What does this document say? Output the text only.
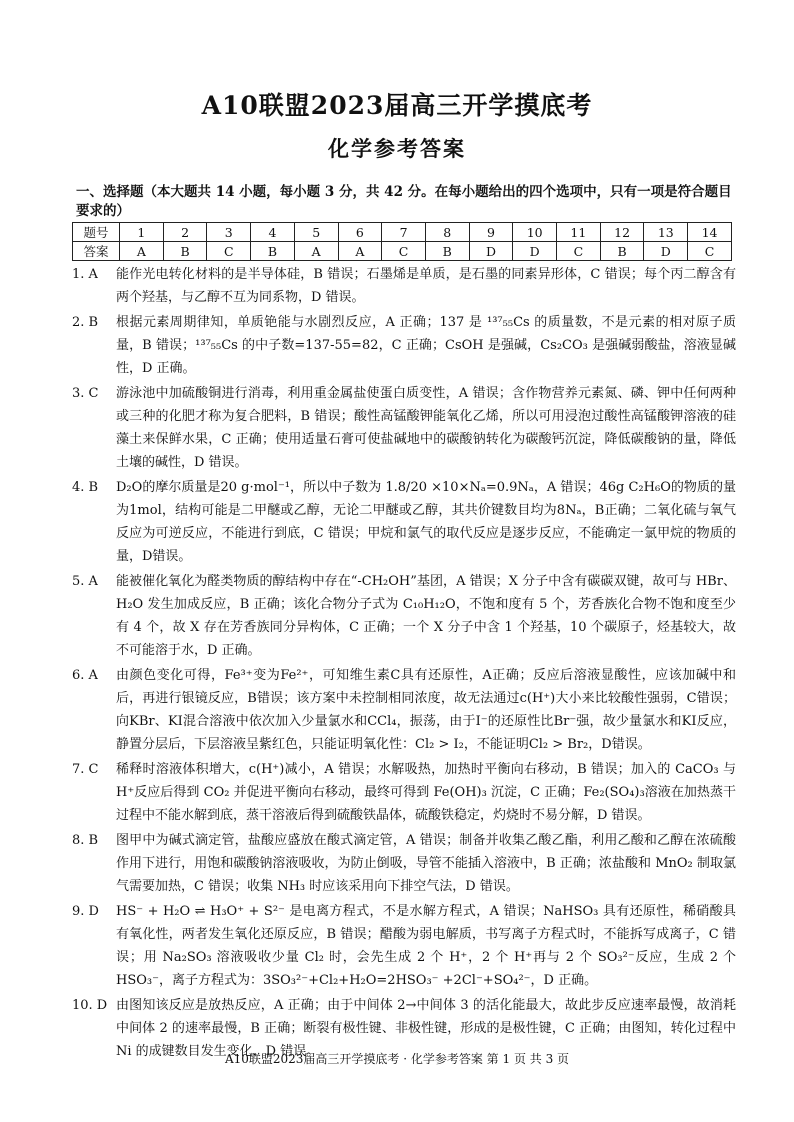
A10联盟2023届高三开学摸底考
化学参考答案
一、选择题（本大题共 14 小题，每小题 3 分，共 42 分。在每小题给出的四个选项中，只有一项是符合题目要求的）
题号	1	2	3	4	5	6	7	8	9	10	11	12	13	14
答案	A	B	C	B	A	A	C	B	D	D	C	B	D	C
1. A	能作光电转化材料的是半导体硅，B 错误；石墨烯是单质，是石墨的同素异形体，C 错误；每个丙二醇含有两个羟基，与乙醇不互为同系物，D 错误。
2. B	根据元素周期律知，单质铯能与水剧烈反应，A 正确；137 是 ¹³⁷₅₅Cs 的质量数，不是元素的相对原子质量，B 错误；¹³⁷₅₅Cs 的中子数=137-55=82，C 正确；CsOH 是强碱，Cs₂CO₃ 是强碱弱酸盐，溶液显碱性，D 正确。
3. C	游泳池中加硫酸铜进行消毒，利用重金属盐使蛋白质变性，A 错误；含作物营养元素氮、磷、钾中任何两种或三种的化肥才称为复合肥料，B 错误；酸性高锰酸钾能氧化乙烯，所以可用浸泡过酸性高锰酸钾溶液的硅藻土来保鲜水果，C 正确；使用适量石膏可使盐碱地中的碳酸钠转化为碳酸钙沉淀，降低碳酸钠的量，降低土壤的碱性，D 错误。
4. B	D₂O的摩尔质量是20 g·mol⁻¹，所以中子数为 1.8/20 ×10×Nₐ=0.9Nₐ，A 错误；46g C₂H₆O的物质的量为1mol，结构可能是二甲醚或乙醇，无论二甲醚或乙醇，其共价键数目均为8Nₐ，B正确；二氧化硫与氧气反应为可逆反应，不能进行到底，C 错误；甲烷和氯气的取代反应是逐步反应，不能确定一氯甲烷的物质的量，D错误。
5. A	能被催化氧化为醛类物质的醇结构中存在“-CH₂OH”基团，A 错误；X 分子中含有碳碳双键，故可与 HBr、H₂O 发生加成反应，B 正确；该化合物分子式为 C₁₀H₁₂O，不饱和度有 5 个，芳香族化合物不饱和度至少有 4 个，故 X 存在芳香族同分异构体，C 正确；一个 X 分子中含 1 个羟基，10 个碳原子，烃基较大，故不可能溶于水，D 正确。
6. A	由颜色变化可得，Fe³⁺变为Fe²⁺，可知维生素C具有还原性，A正确；反应后溶液显酸性，应该加碱中和后，再进行银镜反应，B错误；该方案中未控制相同浓度，故无法通过c(H⁺)大小来比较酸性强弱，C错误；向KBr、KI混合溶液中依次加入少量氯水和CCl₄，振荡，由于I⁻的还原性比Br⁻强，故少量氯水和KI反应，静置分层后，下层溶液呈紫红色，只能证明氧化性：Cl₂ > I₂，不能证明Cl₂ > Br₂，D错误。
7. C	稀释时溶液体积增大，c(H⁺)减小，A 错误；水解吸热，加热时平衡向右移动，B 错误；加入的 CaCO₃ 与 H⁺反应后得到 CO₂ 并促进平衡向右移动，最终可得到 Fe(OH)₃ 沉淀，C 正确；Fe₂(SO₄)₃溶液在加热蒸干过程中不能水解到底，蒸干溶液后得到硫酸铁晶体，硫酸铁稳定，灼烧时不易分解，D 错误。
8. B	图甲中为碱式滴定管，盐酸应盛放在酸式滴定管，A 错误；制备并收集乙酸乙酯，利用乙酸和乙醇在浓硫酸作用下进行，用饱和碳酸钠溶液吸收，为防止倒吸，导管不能插入溶液中，B 正确；浓盐酸和 MnO₂ 制取氯气需要加热，C 错误；收集 NH₃ 时应该采用向下排空气法，D 错误。
9. D	HS⁻ + H₂O ⇌ H₃O⁺ + S²⁻ 是电离方程式，不是水解方程式，A 错误；NaHSO₃ 具有还原性，稀硝酸具有氧化性，两者发生氧化还原反应，B 错误；醋酸为弱电解质，书写离子方程式时，不能拆写成离子，C 错误；用 Na₂SO₃ 溶液吸收少量 Cl₂ 时，会先生成 2 个 H⁺，2 个 H⁺再与 2 个 SO₃²⁻反应，生成 2 个 HSO₃⁻，离子方程式为：3SO₃²⁻+Cl₂+H₂O=2HSO₃⁻ +2Cl⁻+SO₄²⁻，D 正确。
10. D 由图知该反应是放热反应，A 正确；由于中间体 2→中间体 3 的活化能最大，故此步反应速率最慢，故消耗中间体 2 的速率最慢，B 正确；断裂有极性键、非极性键，形成的是极性键，C 正确；由图知，转化过程中 Ni 的成键数目发生变化，D 错误。
A10联盟2023届高三开学摸底考 · 化学参考答案 第 1 页 共 3 页
